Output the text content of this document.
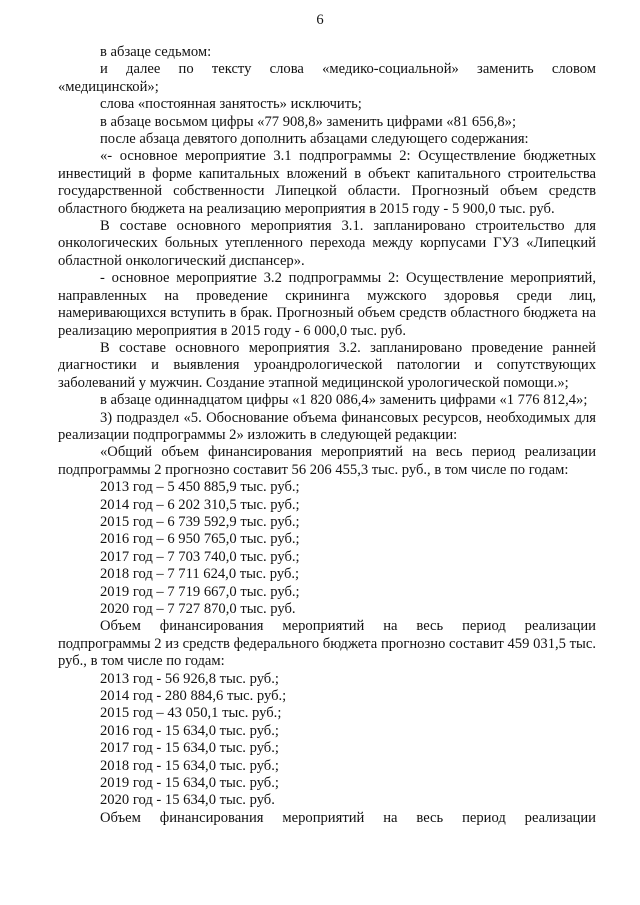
6

в абзаце седьмом:

и далее по тексту слова «медико-социальной» заменить словом «медицинской»;

слова «постоянная занятость» исключить;

в абзаце восьмом цифры «77 908,8» заменить цифрами «81 656,8»;

после абзаца девятого дополнить абзацами следующего содержания:

«- основное мероприятие 3.1 подпрограммы 2: Осуществление бюджетных инвестиций в форме капитальных вложений в объект капитального строительства государственной собственности Липецкой области. Прогнозный объем средств областного бюджета на реализацию мероприятия в 2015 году - 5 900,0 тыс. руб.

В составе основного мероприятия 3.1. запланировано строительство для онкологических больных утепленного перехода между корпусами ГУЗ «Липецкий областной онкологический диспансер».

- основное мероприятие 3.2 подпрограммы 2: Осуществление мероприятий, направленных на проведение скрининга мужского здоровья среди лиц, намеривающихся вступить в брак. Прогнозный объем средств областного бюджета на реализацию мероприятия в 2015 году - 6 000,0 тыс. руб.

В составе основного мероприятия 3.2. запланировано проведение ранней диагностики и выявления уроандрологической патологии и сопутствующих заболеваний у мужчин. Создание этапной медицинской урологической помощи.»;

в абзаце одиннадцатом цифры «1 820 086,4» заменить цифрами «1 776 812,4»;

3) подраздел «5. Обоснование объема финансовых ресурсов, необходимых для реализации подпрограммы 2» изложить в следующей редакции:

«Общий объем финансирования мероприятий на весь период реализации подпрограммы 2 прогнозно составит 56 206 455,3 тыс. руб., в том числе по годам:

2013 год – 5 450 885,9 тыс. руб.;

2014 год – 6 202 310,5 тыс. руб.;

2015 год – 6 739 592,9 тыс. руб.;

2016 год – 6 950 765,0 тыс. руб.;

2017 год – 7 703 740,0 тыс. руб.;

2018 год – 7 711 624,0 тыс. руб.;

2019 год – 7 719 667,0 тыс. руб.;

2020 год – 7 727 870,0 тыс. руб.

Объем финансирования мероприятий на весь период реализации подпрограммы 2 из средств федерального бюджета прогнозно составит 459 031,5 тыс. руб., в том числе по годам:

2013 год - 56 926,8 тыс. руб.;

2014 год - 280 884,6 тыс. руб.;

2015 год – 43 050,1 тыс. руб.;

2016 год - 15 634,0 тыс. руб.;

2017 год - 15 634,0 тыс. руб.;

2018 год - 15 634,0 тыс. руб.;

2019 год - 15 634,0 тыс. руб.;

2020 год - 15 634,0 тыс. руб.

Объем финансирования мероприятий на весь период реализации
